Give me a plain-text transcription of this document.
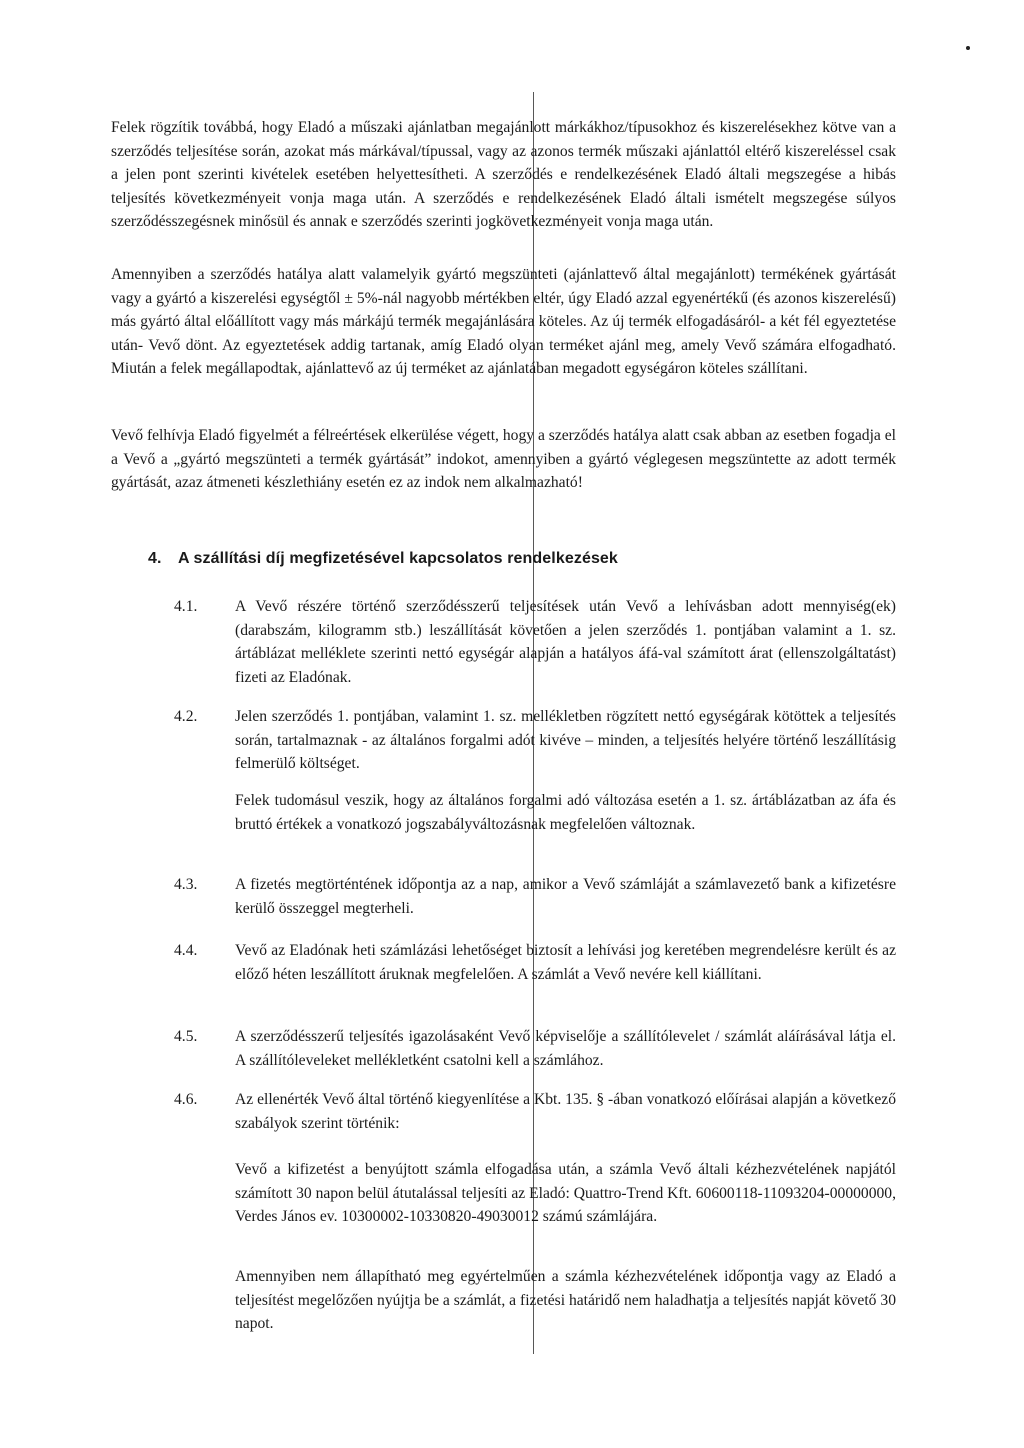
Felek rögzítik továbbá, hogy Eladó a műszaki ajánlatban megajánlott márkákhoz/típusokhoz és kiszerelésekhez kötve van a szerződés teljesítése során, azokat más márkával/típussal, vagy az azonos termék műszaki ajánlattól eltérő kiszereléssel csak a jelen pont szerinti kivételek esetében helyettesítheti. A szerződés e rendelkezésének Eladó általi megszegése a hibás teljesítés következményeit vonja maga után. A szerződés e rendelkezésének Eladó általi ismételt megszegése súlyos szerződésszegésnek minősül és annak e szerződés szerinti jogkövetkezményeit vonja maga után.
Amennyiben a szerződés hatálya alatt valamelyik gyártó megszünteti (ajánlattevő által megajánlott) termékének gyártását vagy a gyártó a kiszerelési egységtől ± 5%-nál nagyobb mértékben eltér, úgy Eladó azzal egyenértékű (és azonos kiszerelésű) más gyártó által előállított vagy más márkájú termék megajánlására köteles. Az új termék elfogadásáról- a két fél egyeztetése után- Vevő dönt. Az egyeztetések addig tartanak, amíg Eladó olyan terméket ajánl meg, amely Vevő számára elfogadható. Miután a felek megállapodtak, ajánlattevő az új terméket az ajánlatában megadott egységáron köteles szállítani.
Vevő felhívja Eladó figyelmét a félreértések elkerülése végett, hogy a szerződés hatálya alatt csak abban az esetben fogadja el a Vevő a „gyártó megszünteti a termék gyártását” indokot, amennyiben a gyártó véglegesen megszüntette az adott termék gyártását, azaz átmeneti készlethiány esetén ez az indok nem alkalmazható!
4. A szállítási díj megfizetésével kapcsolatos rendelkezések
4.1.	A Vevő részére történő szerződésszerű teljesítések után Vevő a lehívásban adott mennyiség(ek) (darabszám, kilogramm stb.) leszállítását követően a jelen szerződés 1. pontjában valamint a 1. sz. ártáblázat mellékletе szerinti nettó egységár alapján a hatályos áfá-val számított árat (ellenszolgáltatást) fizeti az Eladónak.
4.2.	Jelen szerződés 1. pontjában, valamint 1. sz. mellékletben rögzített nettó egységárak kötöttek a teljesítés során, tartalmaznak - az általános forgalmi adót kivéve – minden, a teljesítés helyére történő leszállításig felmerülő költséget.
Felek tudomásul veszik, hogy az általános forgalmi adó változása esetén a 1. sz. ártáblázatban az áfa és bruttó értékek a vonatkozó jogszabályváltozásnak megfelelően változnak.
4.3.	A fizetés megtörténtének időpontja az a nap, amikor a Vevő számláját a számlavezető bank a kifizetésre kerülő összeggel megterheli.
4.4.	Vevő az Eladónak heti számlázási lehetőséget biztosít a lehívási jog keretében megrendelésre került és az előző héten leszállított áruknak megfelelően. A számlát a Vevő nevére kell kiállítani.
4.5.	A szerződésszerű teljesítés igazolásaként Vevő képviselője a szállítólevelet / számlát aláírásával látja el. A szállítóleveleket mellékletként csatolni kell a számlához.
4.6.	Az ellenérték Vevő által történő kiegyenlítése a Kbt. 135. § -ában vonatkozó előírásai alapján a következő szabályok szerint történik:
Vevő a kifizetést a benyújtott számla elfogadása után, a számla Vevő általi kézhezvételének napjától számított 30 napon belül átutalással teljesíti az Eladó: Quattro-Trend Kft. 60600118-11093204-00000000, Verdes János ev. 10300002-10330820-49030012 számú számlájára.
Amennyiben nem állapítható meg egyértelműen a számla kézhezvételének időpontja vagy az Eladó a teljesítést megelőzően nyújtja be a számlát, a fizetési határidő nem haladhatja a teljesítés napját követő 30 napot.
